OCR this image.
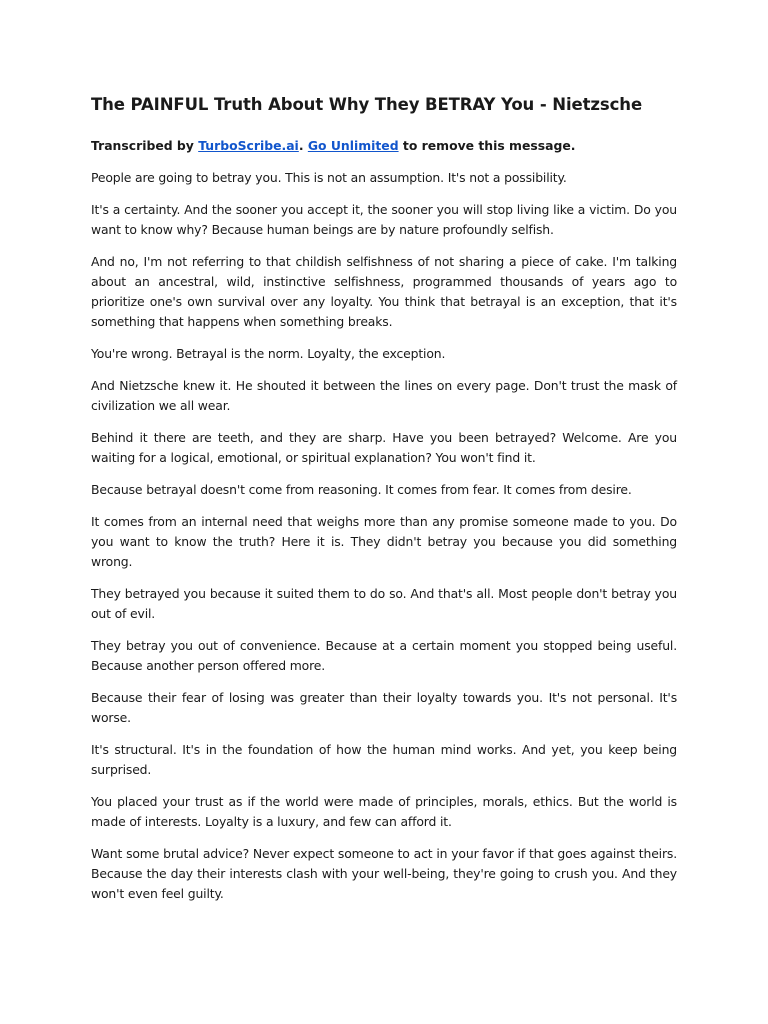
The PAINFUL Truth About Why They BETRAY You - Nietzsche

Transcribed by TurboScribe.ai. Go Unlimited to remove this message.

People are going to betray you. This is not an assumption. It's not a possibility.

It's a certainty. And the sooner you accept it, the sooner you will stop living like a victim. Do you want to know why? Because human beings are by nature profoundly selfish.

And no, I'm not referring to that childish selfishness of not sharing a piece of cake. I'm talking about an ancestral, wild, instinctive selfishness, programmed thousands of years ago to prioritize one's own survival over any loyalty. You think that betrayal is an exception, that it's something that happens when something breaks.

You're wrong. Betrayal is the norm. Loyalty, the exception.

And Nietzsche knew it. He shouted it between the lines on every page. Don't trust the mask of civilization we all wear.

Behind it there are teeth, and they are sharp. Have you been betrayed? Welcome. Are you waiting for a logical, emotional, or spiritual explanation? You won't find it.

Because betrayal doesn't come from reasoning. It comes from fear. It comes from desire.

It comes from an internal need that weighs more than any promise someone made to you. Do you want to know the truth? Here it is. They didn't betray you because you did something wrong.

They betrayed you because it suited them to do so. And that's all. Most people don't betray you out of evil.

They betray you out of convenience. Because at a certain moment you stopped being useful. Because another person offered more.

Because their fear of losing was greater than their loyalty towards you. It's not personal. It's worse.

It's structural. It's in the foundation of how the human mind works. And yet, you keep being surprised.

You placed your trust as if the world were made of principles, morals, ethics. But the world is made of interests. Loyalty is a luxury, and few can afford it.

Want some brutal advice? Never expect someone to act in your favor if that goes against theirs. Because the day their interests clash with your well-being, they're going to crush you. And they won't even feel guilty.
